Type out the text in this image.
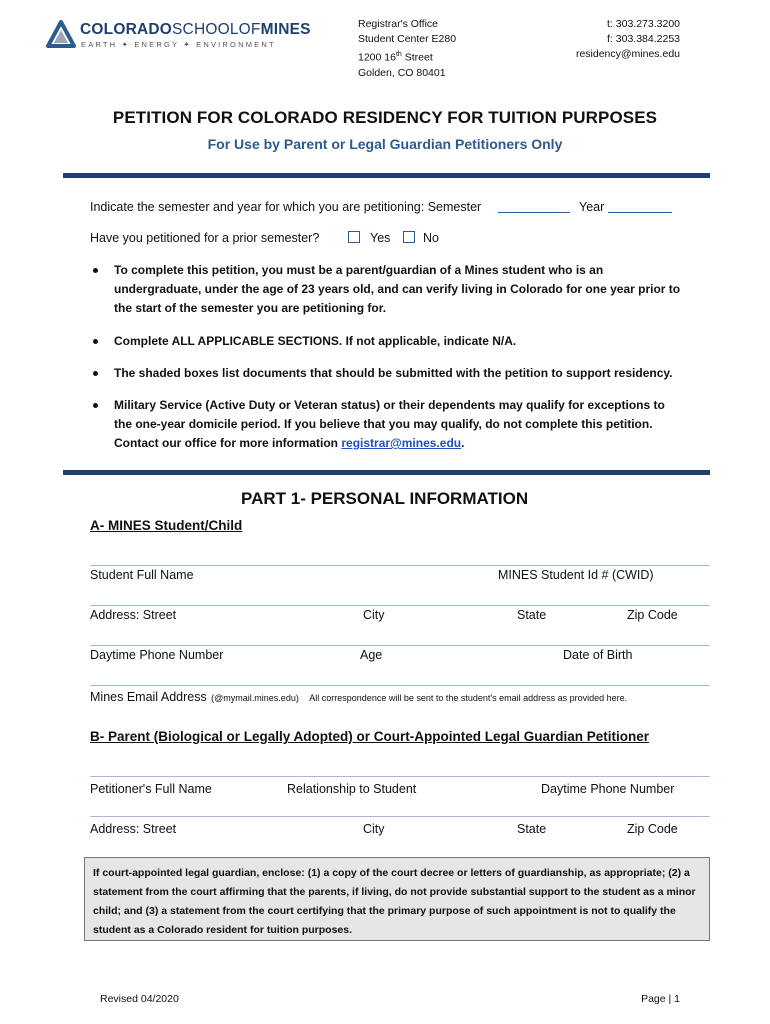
COLORADOSCHOOLOFMINES
EARTH ✦ ENERGY ✦ ENVIRONMENT
Registrar's Office
Student Center E280
1200 16th Street
Golden, CO 80401
t: 303.273.3200
f: 303.384.2253
residency@mines.edu
PETITION FOR COLORADO RESIDENCY FOR TUITION PURPOSES
For Use by Parent or Legal Guardian Petitioners Only
Indicate the semester and year for which you are petitioning: Semester	Year
Have you petitioned for a prior semester?	Yes	No
To complete this petition, you must be a parent/guardian of a Mines student who is an undergraduate, under the age of 23 years old, and can verify living in Colorado for one year prior to the start of the semester you are petitioning for.
Complete ALL APPLICABLE SECTIONS. If not applicable, indicate N/A.
The shaded boxes list documents that should be submitted with the petition to support residency.
Military Service (Active Duty or Veteran status) or their dependents may qualify for exceptions to the one-year domicile period. If you believe that you may qualify, do not complete this petition. Contact our office for more information registrar@mines.edu.
PART 1- PERSONAL INFORMATION
A- MINES Student/Child
Student Full Name	MINES Student Id # (CWID)
Address: Street	City	State	Zip Code
Daytime Phone Number	Age	Date of Birth
Mines Email Address (@mymail.mines.edu) All correspondence will be sent to the student's email address as provided here.
B- Parent (Biological or Legally Adopted) or Court-Appointed Legal Guardian Petitioner
Petitioner's Full Name	Relationship to Student	Daytime Phone Number
Address: Street	City	State	Zip Code
If court-appointed legal guardian, enclose: (1) a copy of the court decree or letters of guardianship, as appropriate; (2) a statement from the court affirming that the parents, if living, do not provide substantial support to the student as a minor child; and (3) a statement from the court certifying that the primary purpose of such appointment is not to qualify the student as a Colorado resident for tuition purposes.
Revised 04/2020	Page | 1
